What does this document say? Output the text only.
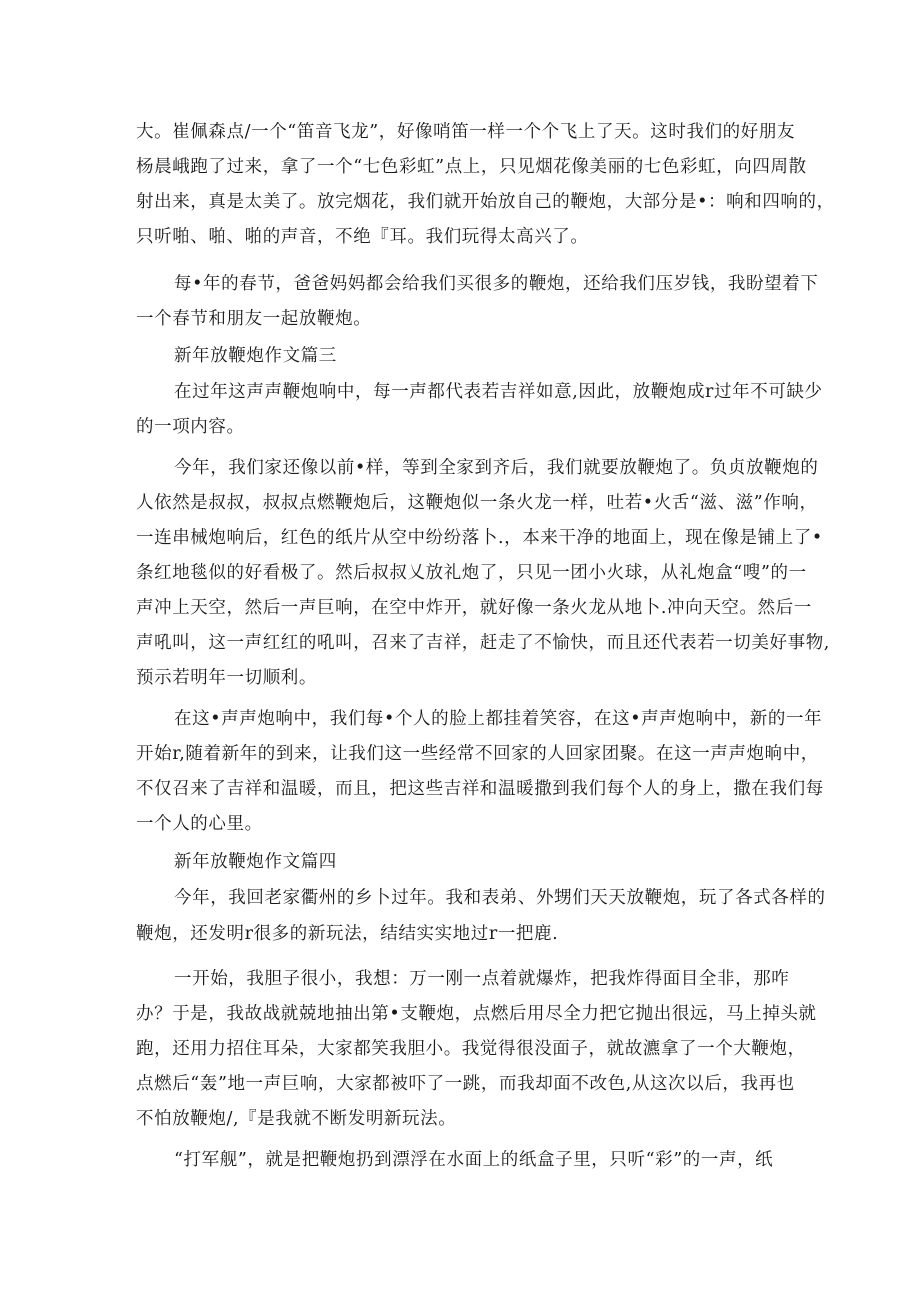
大。崔佩森点/一个“笛音飞龙”，好像哨笛一样一个个飞上了天。这时我们的好朋友
杨晨峨跑了过来，拿了一个“七色彩虹”点上，只见烟花像美丽的七色彩虹，向四周散
射出来，真是太美了。放完烟花，我们就开始放自己的鞭炮，大部分是•：响和四响的，
只听啪、啪、啪的声音，不绝『耳。我们玩得太高兴了。
每•年的春节，爸爸妈妈都会给我们买很多的鞭炮，还给我们压岁钱，我盼望着下
一个春节和朋友一起放鞭炮。
新年放鞭炮作文篇三
在过年这声声鞭炮响中，每一声都代表若吉祥如意,因此，放鞭炮成r过年不可缺少
的一项内容。
今年，我们家还像以前•样，等到全家到齐后，我们就要放鞭炮了。负贞放鞭炮的
人依然是叔叔，叔叔点燃鞭炮后，这鞭炮似一条火龙一样，吐若•火舌“滋、滋”作响，
一连串械炮响后，红色的纸片从空中纷纷落卜.，本来干净的地面上，现在像是铺上了•
条红地毯似的好看极了。然后叔叔乂放礼炮了，只见一团小火球，从礼炮盒“嗖”的一
声冲上天空，然后一声巨响，在空中炸开，就好像一条火龙从地卜.冲向天空。然后一
声吼叫，这一声红红的吼叫，召来了吉祥，赶走了不愉快，而且还代表若一切美好事物,
预示若明年一切顺利。
在这•声声炮响中，我们每•个人的脸上都挂着笑容，在这•声声炮响中，新的一年
开始r,随着新年的到来，让我们这一些经常不回家的人回家团聚。在这一声声炮晌中，
不仅召来了吉祥和温暖，而且，把这些吉祥和温暖撒到我们每个人的身上，撒在我们每
一个人的心里。
新年放鞭炮作文篇四
今年，我回老家衢州的乡卜过年。我和表弟、外甥们天天放鞭炮，玩了各式各样的
鞭炮，还发明r很多的新玩法，结结实实地过r一把鹿.
一开始，我胆子很小，我想：万一刚一点着就爆炸，把我炸得面目全非，那咋
办？于是，我故战就兢地抽出第•支鞭炮，点燃后用尽全力把它抛出很远，马上掉头就
跑，还用力招住耳朵，大家都笑我胆小。我觉得很没面子，就故瀌拿了一个大鞭炮，
点燃后“轰”地一声巨响，大家都被吓了一跳，而我却面不改色,从这次以后，我再也
不怕放鞭炮/,『是我就不断发明新玩法。
“打军舰”，就是把鞭炮扔到漂浮在水面上的纸盒子里，只听“彩”的一声，纸
